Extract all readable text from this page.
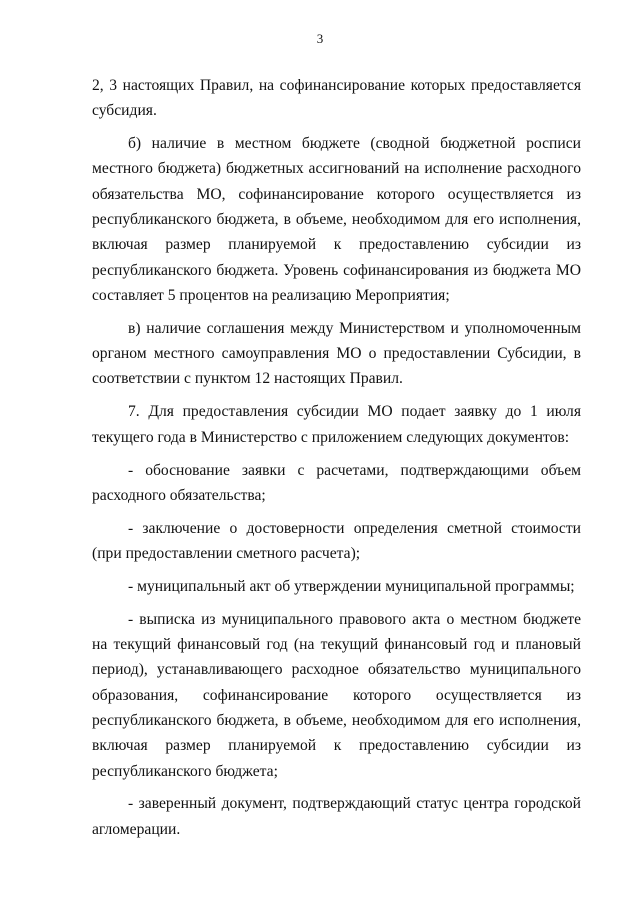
3

2, 3 настоящих Правил, на софинансирование которых предоставляется субсидия.

б) наличие в местном бюджете (сводной бюджетной росписи местного бюджета) бюджетных ассигнований на исполнение расходного обязательства МО, софинансирование которого осуществляется из республиканского бюджета, в объеме, необходимом для его исполнения, включая размер планируемой к предоставлению субсидии из республиканского бюджета. Уровень софинансирования из бюджета МО составляет 5 процентов на реализацию Мероприятия;

в) наличие соглашения между Министерством и уполномоченным органом местного самоуправления МО о предоставлении Субсидии, в соответствии с пунктом 12 настоящих Правил.

7. Для предоставления субсидии МО подает заявку до 1 июля текущего года в Министерство с приложением следующих документов:

- обоснование заявки с расчетами, подтверждающими объем расходного обязательства;

- заключение о достоверности определения сметной стоимости (при предоставлении сметного расчета);

- муниципальный акт об утверждении муниципальной программы;

- выписка из муниципального правового акта о местном бюджете на текущий финансовый год (на текущий финансовый год и плановый период), устанавливающего расходное обязательство муниципального образования, софинансирование которого осуществляется из республиканского бюджета, в объеме, необходимом для его исполнения, включая размер планируемой к предоставлению субсидии из республиканского бюджета;

- заверенный документ, подтверждающий статус центра городской агломерации.
